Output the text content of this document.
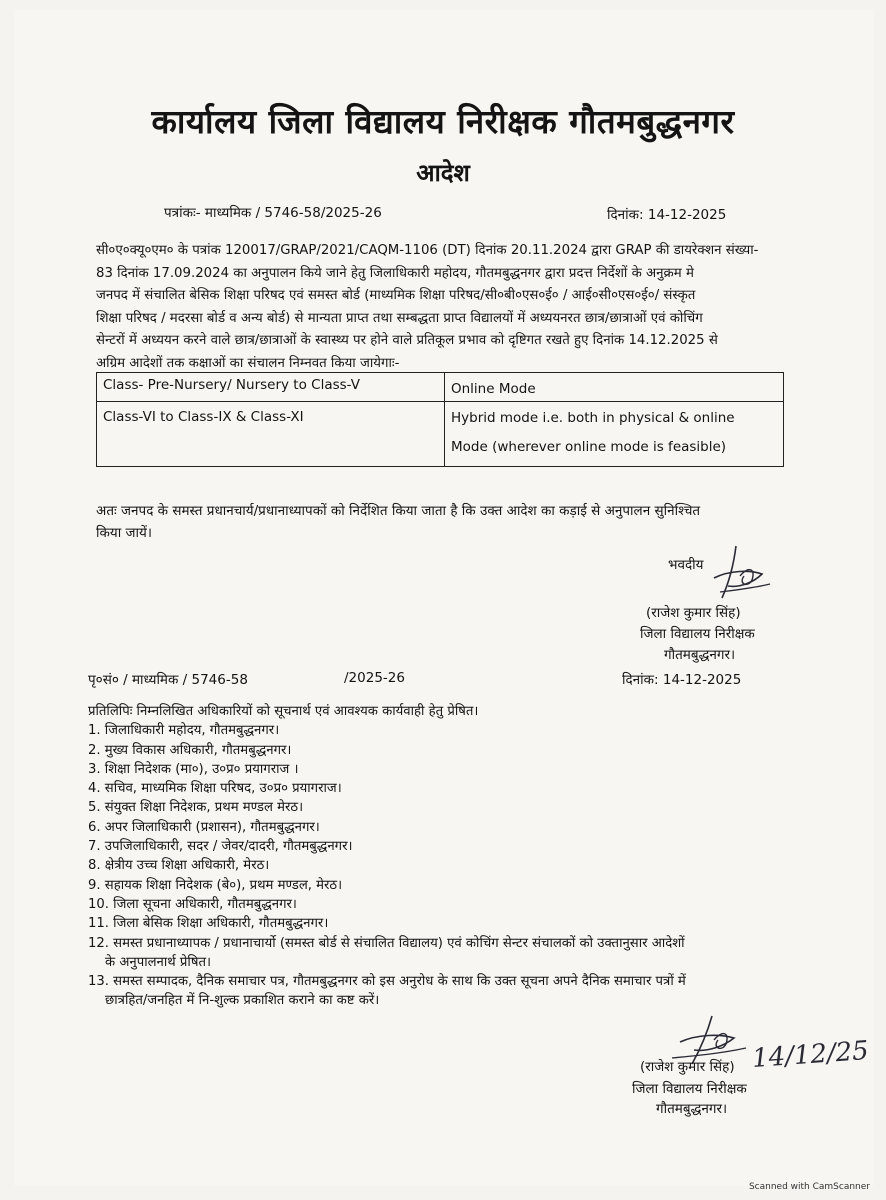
कार्यालय जिला विद्यालय निरीक्षक गौतमबुद्धनगर
आदेश
पत्रांकः- माध्यमिक / 5746-58/2025-26	दिनांक: 14-12-2025
सी०ए०क्यू०एम० के पत्रांक 120017/GRAP/2021/CAQM-1106 (DT) दिनांक 20.11.2024 द्वारा GRAP की डायरेक्शन संख्या-
83 दिनांक 17.09.2024 का अनुपालन किये जाने हेतु जिलाधिकारी महोदय, गौतमबुद्धनगर द्वारा प्रदत्त निर्देशों के अनुक्रम मे
जनपद में संचालित बेसिक शिक्षा परिषद एवं समस्त बोर्ड (माध्यमिक शिक्षा परिषद/सी०बी०एस०ई० / आई०सी०एस०ई०/ संस्कृत
शिक्षा परिषद / मदरसा बोर्ड व अन्य बोर्ड) से मान्यता प्राप्त तथा सम्बद्धता प्राप्त विद्यालयों में अध्ययनरत छात्र/छात्राओं एवं कोचिंग
सेन्टरों में अध्ययन करने वाले छात्र/छात्राओं के स्वास्थ्य पर होने वाले प्रतिकूल प्रभाव को दृष्टिगत रखते हुए दिनांक 14.12.2025 से
अग्रिम आदेशों तक कक्षाओं का संचालन निम्नवत किया जायेगाः-
Class- Pre-Nursery/ Nursery to Class-V	Online Mode
Class-VI to Class-IX & Class-XI	Hybrid mode i.e. both in physical & online
Mode (wherever online mode is feasible)
अतः जनपद के समस्त प्रधानचार्य/प्रधानाध्यापकों को निर्देशित किया जाता है कि उक्त आदेश का कड़ाई से अनुपालन सुनिश्चित
किया जायें।
भवदीय
(राजेश कुमार सिंह)
जिला विद्यालय निरीक्षक
गौतमबुद्धनगर।
पृ०सं० / माध्यमिक / 5746-58	/2025-26	दिनांक: 14-12-2025
प्रतिलिपिः निम्नलिखित अधिकारियों को सूचनार्थ एवं आवश्यक कार्यवाही हेतु प्रेषित।
1. जिलाधिकारी महोदय, गौतमबुद्धनगर।
2. मुख्य विकास अधिकारी, गौतमबुद्धनगर।
3. शिक्षा निदेशक (मा०), उ०प्र० प्रयागराज ।
4. सचिव, माध्यमिक शिक्षा परिषद, उ०प्र० प्रयागराज।
5. संयुक्त शिक्षा निदेशक, प्रथम मण्डल मेरठ।
6. अपर जिलाधिकारी (प्रशासन), गौतमबुद्धनगर।
7. उपजिलाधिकारी, सदर / जेवर/दादरी, गौतमबुद्धनगर।
8. क्षेत्रीय उच्च शिक्षा अधिकारी, मेरठ।
9. सहायक शिक्षा निदेशक (बे०), प्रथम मण्डल, मेरठ।
10. जिला सूचना अधिकारी, गौतमबुद्धनगर।
11. जिला बेसिक शिक्षा अधिकारी, गौतमबुद्धनगर।
12. समस्त प्रधानाध्यापक / प्रधानाचार्यो (समस्त बोर्ड से संचालित विद्यालय) एवं कोचिंग सेन्टर संचालकों को उक्तानुसार आदेशों
के अनुपालनार्थ प्रेषित।
13. समस्त सम्पादक, दैनिक समाचार पत्र, गौतमबुद्धनगर को इस अनुरोध के साथ कि उक्त सूचना अपने दैनिक समाचार पत्रों में
छात्रहित/जनहित में नि-शुल्क प्रकाशित कराने का कष्ट करें।
(राजेश कुमार सिंह) 14/12/25
जिला विद्यालय निरीक्षक
गौतमबुद्धनगर।
Scanned with CamScanner
